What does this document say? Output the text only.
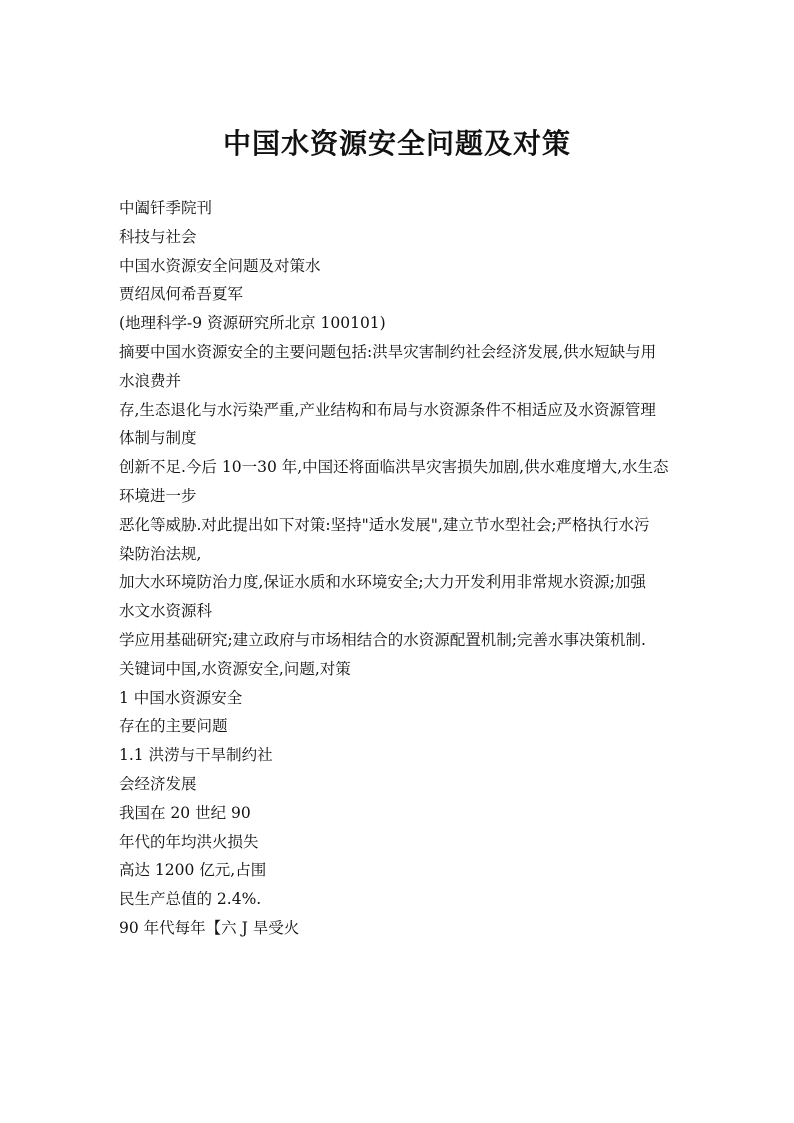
中国水资源安全问题及对策
中阖钎季院刊
科技与社会
中国水资源安全问题及对策水
贾绍凤何希吾夏军
(地理科学-9 资源研究所北京 100101)
摘要中国水资源安全的主要问题包括:洪旱灾害制约社会经济发展,供水短缺与用
水浪费并
存,生态退化与水污染严重,产业结构和布局与水资源条件不相适应及水资源管理
体制与制度
创新不足.今后 10一30 年,中国还将面临洪旱灾害损失加剧,供水难度增大,水生态
环境进一步
恶化等威胁.对此提出如下对策:坚持"适水发展",建立节水型社会;严格执行水污
染防治法规,
加大水环境防治力度,保证水质和水环境安全;大力开发利用非常规水资源;加强
水文水资源科
学应用基础研究;建立政府与市场相结合的水资源配置机制;完善水事决策机制.
关键词中国,水资源安全,问题,对策
1 中国水资源安全
存在的主要问题
1.1 洪涝与干旱制约社
会经济发展
我国在 20 世纪 90
年代的年均洪火损失
高达 1200 亿元,占围
民生产总值的 2.4%.
90 年代每年【六 J 旱受火
